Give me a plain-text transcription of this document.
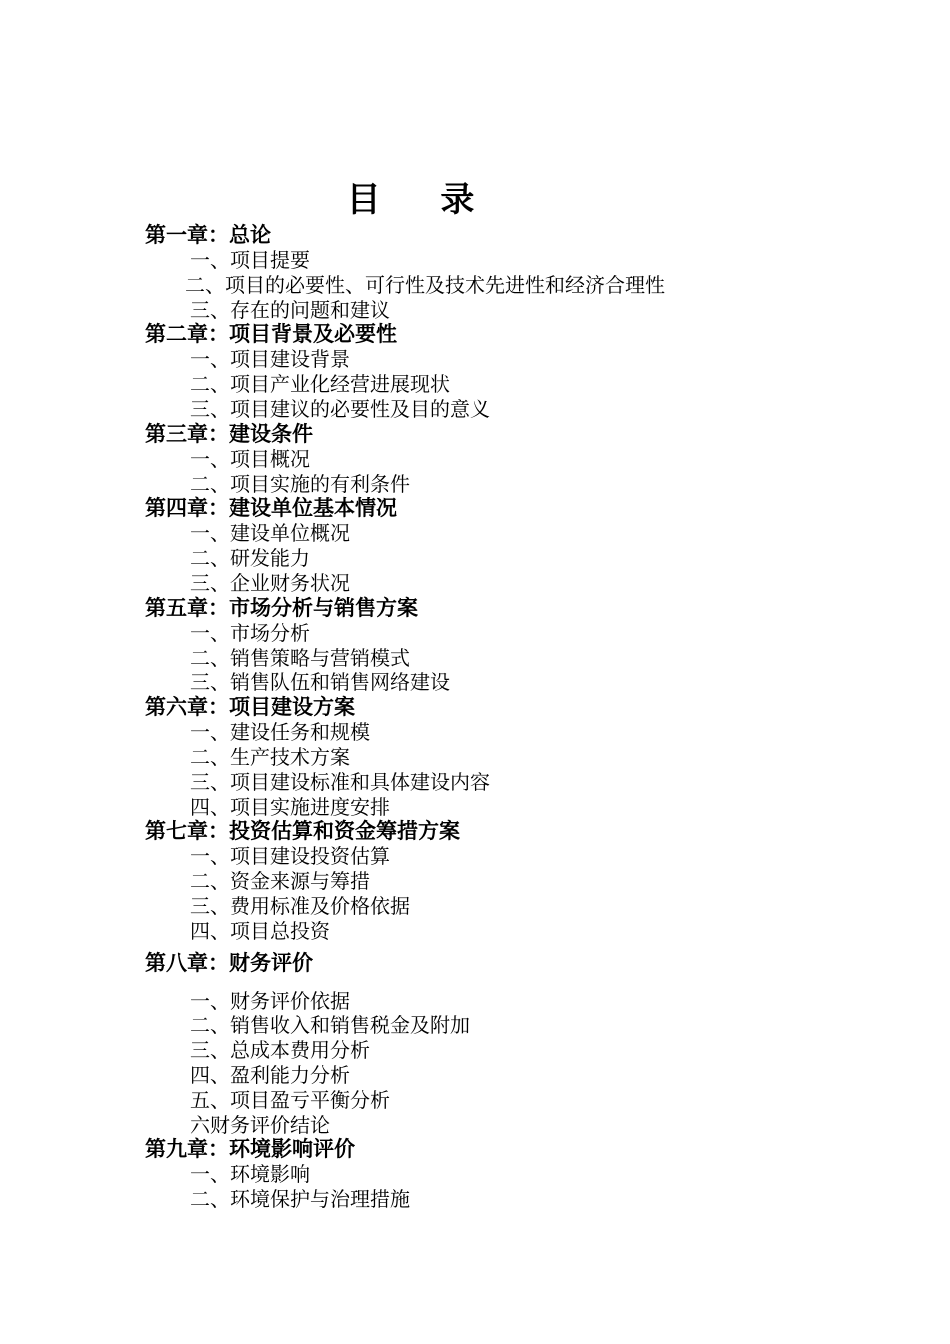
目 录
第一章：总论
一、项目提要
二、项目的必要性、可行性及技术先进性和经济合理性
三、存在的问题和建议
第二章：项目背景及必要性
一、项目建设背景
二、项目产业化经营进展现状
三、项目建议的必要性及目的意义
第三章：建设条件
一、项目概况
二、项目实施的有利条件
第四章：建设单位基本情况
一、建设单位概况
二、研发能力
三、企业财务状况
第五章：市场分析与销售方案
一、市场分析
二、销售策略与营销模式
三、销售队伍和销售网络建设
第六章：项目建设方案
一、建设任务和规模
二、生产技术方案
三、项目建设标准和具体建设内容
四、项目实施进度安排
第七章：投资估算和资金筹措方案
一、项目建设投资估算
二、资金来源与筹措
三、费用标准及价格依据
四、项目总投资
第八章：财务评价
一、财务评价依据
二、销售收入和销售税金及附加
三、总成本费用分析
四、盈利能力分析
五、项目盈亏平衡分析
六财务评价结论
第九章：环境影响评价
一、环境影响
二、环境保护与治理措施
